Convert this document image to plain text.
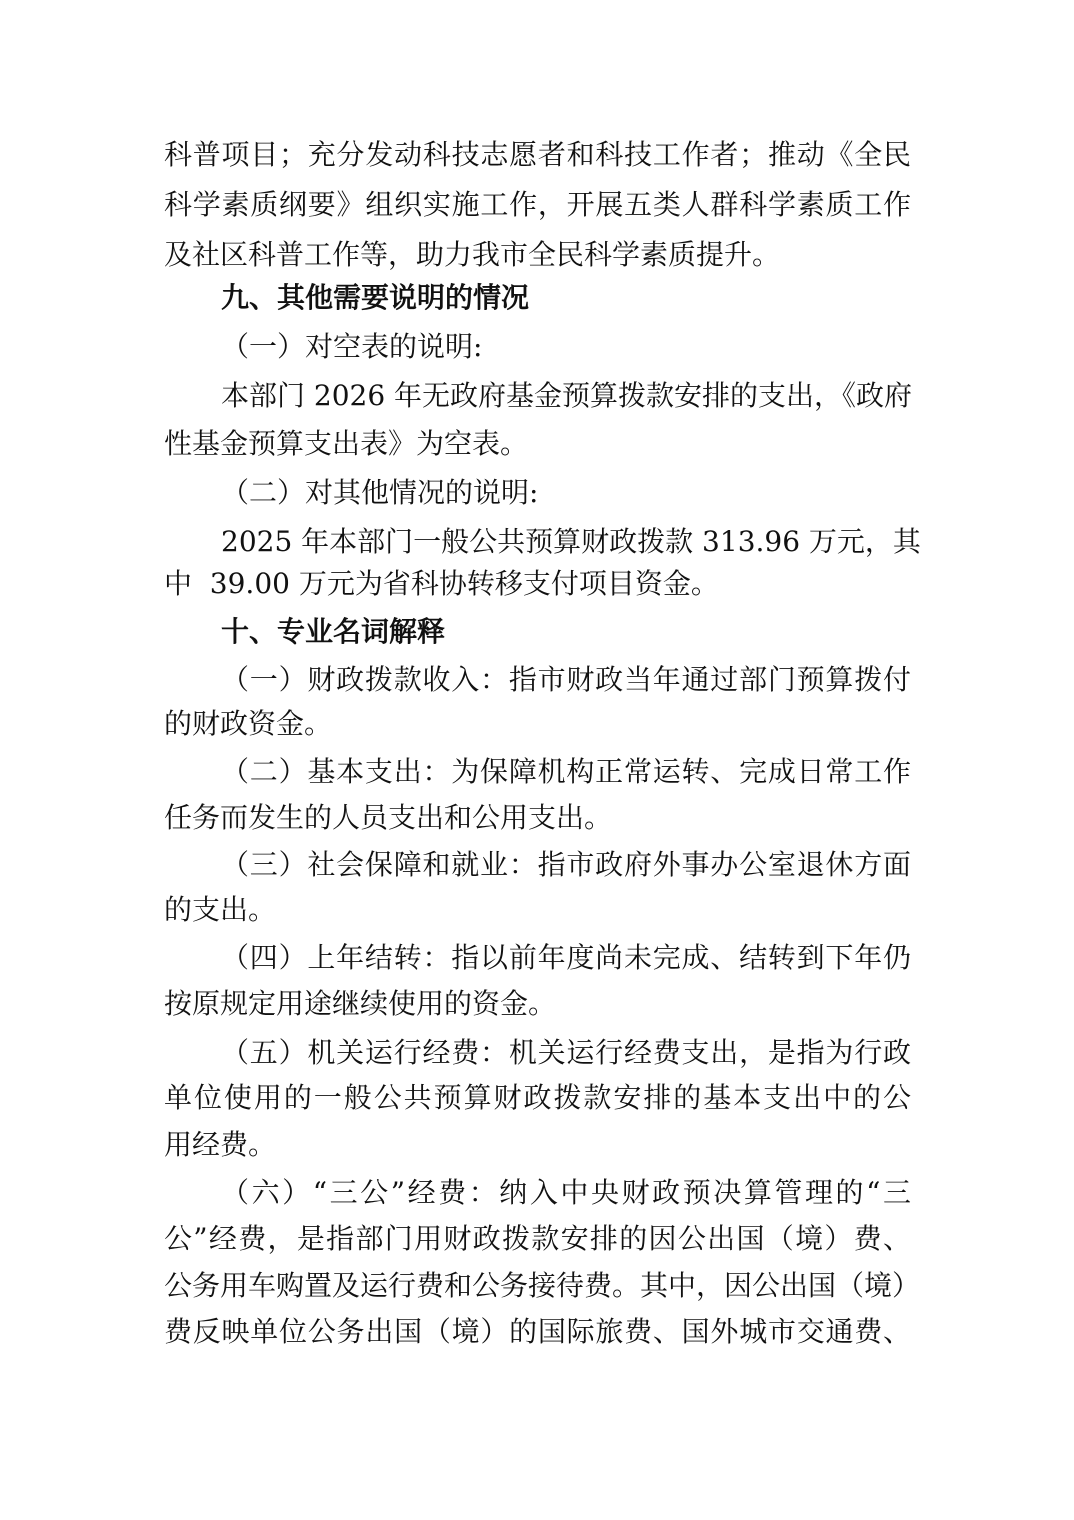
科普项目；充分发动科技志愿者和科技工作者；推动《全民
科学素质纲要》组织实施工作，开展五类人群科学素质工作
及社区科普工作等，助力我市全民科学素质提升。
九、其他需要说明的情况
（一）对空表的说明:
本部门 2026 年无政府基金预算拨款安排的支出，《政府
性基金预算支出表》为空表。
（二）对其他情况的说明:
2025 年本部门一般公共预算财政拨款 313.96 万元，其
中  39.00 万元为省科协转移支付项目资金。
十、专业名词解释
（一）财政拨款收入：指市财政当年通过部门预算拨付
的财政资金。
（二）基本支出：为保障机构正常运转、完成日常工作
任务而发生的人员支出和公用支出。
（三）社会保障和就业：指市政府外事办公室退休方面
的支出。
（四）上年结转：指以前年度尚未完成、结转到下年仍
按原规定用途继续使用的资金。
（五）机关运行经费：机关运行经费支出，是指为行政
单位使用的一般公共预算财政拨款安排的基本支出中的公
用经费。
（六）“三公”经费：纳入中央财政预决算管理的“三
公”经费，是指部门用财政拨款安排的因公出国（境）费、
公务用车购置及运行费和公务接待费。其中，因公出国（境）
费反映单位公务出国（境）的国际旅费、国外城市交通费、
